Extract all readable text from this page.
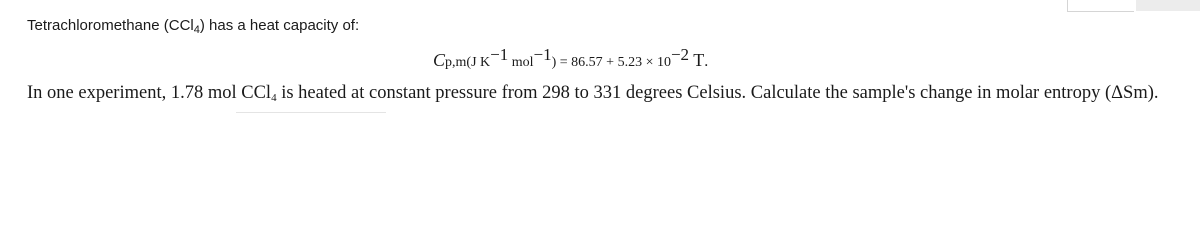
Tetrachloromethane (CCl$_4$) has a heat capacity of:
Cp,m(J $K^{-1}$ $mol^{-1}) = 86.57 + 5.23 \times 10^{-2}$ T.
In one experiment, 1.78 mol CCl$_4$ is heated at constant pressure from 298 to 331 degrees Celsius. Calculate the sample's change in molar entropy (ΔSm).
